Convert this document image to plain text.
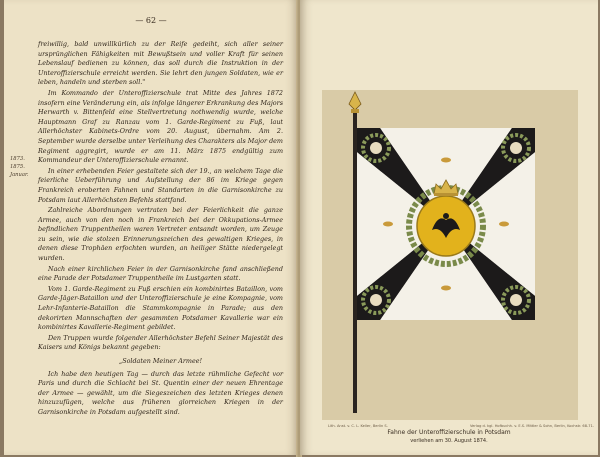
— 62 —
1873.
1875.
Januar.

freiwillig, bald unwillkürlich zu der Reife gedeiht, sich aller seiner ursprünglichen Fähigkeiten mit Bewußtsein und voller Kraft für seinen Lebenslauf bedienen zu können, das soll durch die Instruktion in der Unteroffizierschule erreicht werden. Sie lehrt den jungen Soldaten, wie er leben, handeln und sterben soll."

Im Kommando der Unteroffizierschule trat Mitte des Jahres 1872 insofern eine Veränderung ein, als infolge längerer Erkrankung des Majors Herwarth v. Bittenfeld eine Stellvertretung nothwendig wurde, welche Hauptmann Graf zu Ranzau vom 1. Garde-Regiment zu Fuß, laut Allerhöchster Kabinets-Ordre vom 20. August, übernahm. Am 2. September wurde derselbe unter Verleihung des Charakters als Major dem Regiment aggregirt, wurde er am 11. März 1875 endgültig zum Kommandeur der Unteroffizierschule ernannt.

In einer erhebenden Feier gestaltete sich der 19., an welchem Tage die feierliche Ueberführung und Aufstellung der 86 im Kriege gegen Frankreich eroberten Fahnen und Standarten in die Garnisonkirche zu Potsdam laut Allerhöchsten Befehls stattfand.

Zahlreiche Abordnungen vertraten bei der Feierlichkeit die ganze Armee, auch von den noch in Frankreich bei der Okkupations-Armee befindlichen Truppentheilen waren Vertreter entsandt worden, um Zeuge zu sein, wie die stolzen Erinnerungszeichen des gewaltigen Krieges, in denen diese Trophäen erfochten wurden, an heiliger Stätte niedergelegt wurden.

Nach einer kirchlichen Feier in der Garnisonkirche fand anschließend eine Parade der Potsdamer Truppentheile im Lustgarten statt.

Vom 1. Garde-Regiment zu Fuß erschien ein kombinirtes Bataillon, vom Garde-Jäger-Bataillon und der Unteroffizierschule je eine Kompagnie, vom Lehr-Infanterie-Bataillon die Stammkompagnie in Parade; aus den dekorirten Mannschaften der gesammten Potsdamer Kavallerie war ein kombinirtes Kavallerie-Regiment gebildet.

Den Truppen wurde folgender Allerhöchster Befehl Seiner Majestät des Kaisers und Königs bekannt gegeben:

„Soldaten Meiner Armee!

Ich habe den heutigen Tag — durch das letzte rühmliche Gefecht vor Paris und durch die Schlacht bei St. Quentin einer der neuen Ehrentage der Armee — gewählt, um die Siegeszeichen des letzten Krieges denen hinzuzufügen, welche aus früheren glorreichen Kriegen in der Garnisonkirche in Potsdam aufgestellt sind.

Lith. Anst. v. C. L. Keller, Berlin S.	Verlag d. kgl. Hofbuchh. v. E.S. Mittler & Sohn, Berlin, Kochstr. 68-71.
Fahne der Unteroffizierschule in Potsdam
verliehen am 30. August 1874.
